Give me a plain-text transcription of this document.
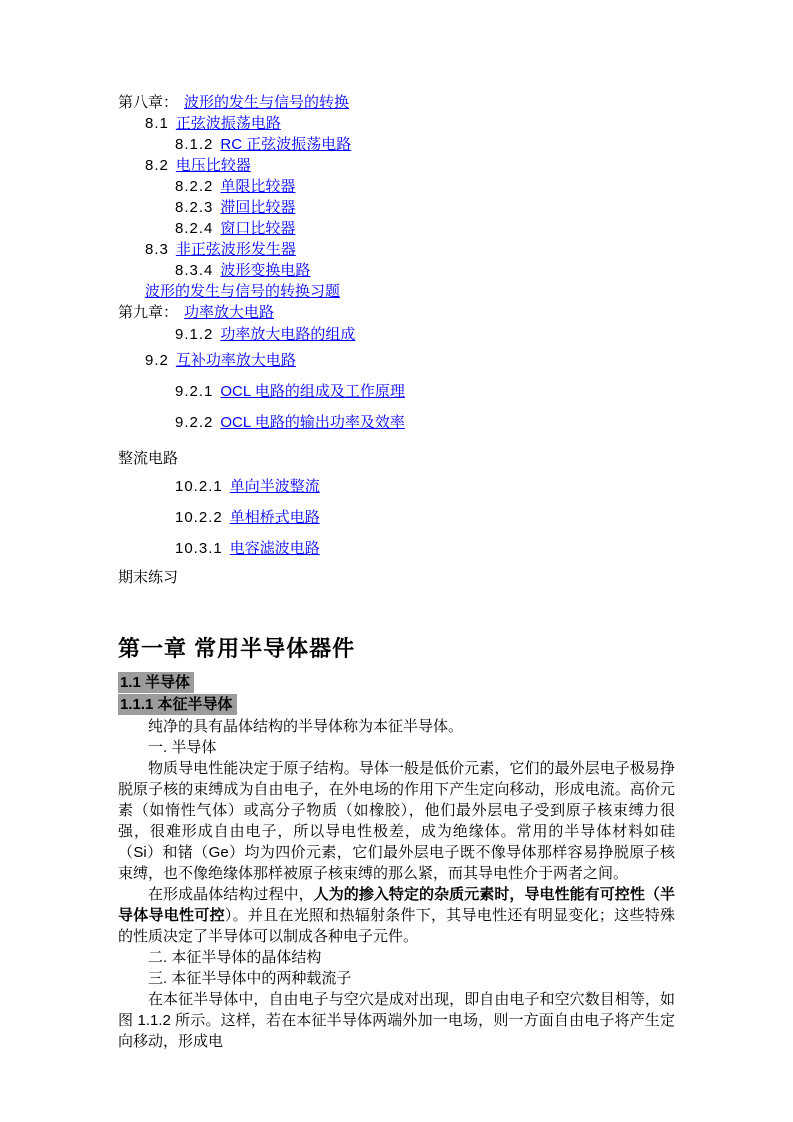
第八章： 波形的发生与信号的转换
8.1 正弦波振荡电路
8.1.2 RC 正弦波振荡电路
8.2 电压比较器
8.2.2 单限比较器
8.2.3 滞回比较器
8.2.4 窗口比较器
8.3 非正弦波形发生器
8.3.4 波形变换电路
波形的发生与信号的转换习题
第九章： 功率放大电路
9.1.2 功率放大电路的组成
9.2 互补功率放大电路
9.2.1 OCL 电路的组成及工作原理
9.2.2 OCL 电路的输出功率及效率
整流电路
10.2.1 单向半波整流
10.2.2 单相桥式电路
10.3.1 电容滤波电路
期末练习
第一章 常用半导体器件
1.1 半导体
1.1.1 本征半导体

纯净的具有晶体结构的半导体称为本征半导体。

一. 半导体

物质导电性能决定于原子结构。导体一般是低价元素，它们的最外层电子极易挣脱原子核的束缚成为自由电子，在外电场的作用下产生定向移动，形成电流。高价元素（如惰性气体）或高分子物质（如橡胶），他们最外层电子受到原子核束缚力很强，很难形成自由电子，所以导电性极差，成为绝缘体。常用的半导体材料如硅（Si）和锗（Ge）均为四价元素，它们最外层电子既不像导体那样容易挣脱原子核束缚，也不像绝缘体那样被原子核束缚的那么紧，而其导电性介于两者之间。

在形成晶体结构过程中，人为的掺入特定的杂质元素时，导电性能有可控性（半导体导电性可控）。并且在光照和热辐射条件下，其导电性还有明显变化；这些特殊的性质决定了半导体可以制成各种电子元件。

二. 本征半导体的晶体结构

三. 本征半导体中的两种载流子

在本征半导体中，自由电子与空穴是成对出现，即自由电子和空穴数目相等，如图 1.1.2 所示。这样，若在本征半导体两端外加一电场，则一方面自由电子将产生定向移动，形成电
